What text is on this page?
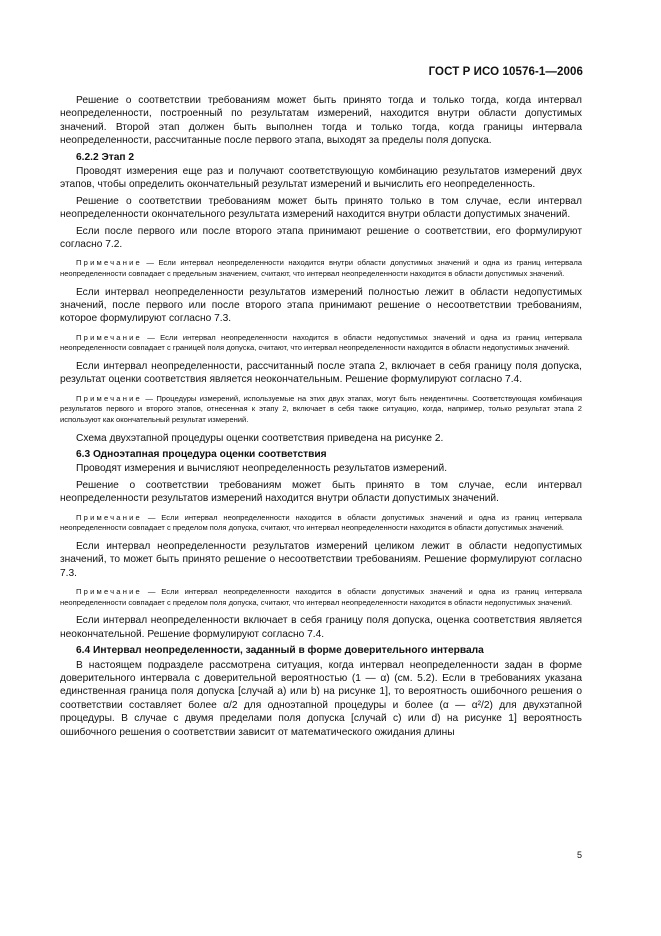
ГОСТ Р ИСО 10576-1—2006

Решение о соответствии требованиям может быть принято тогда и только тогда, когда интервал неопределенности, построенный по результатам измерений, находится внутри области допустимых значений. Второй этап должен быть выполнен тогда и только тогда, когда границы интервала неопределенности, рассчитанные после первого этапа, выходят за пределы поля допуска.

6.2.2 Этап 2

Проводят измерения еще раз и получают соответствующую комбинацию результатов измерений двух этапов, чтобы определить окончательный результат измерений и вычислить его неопределенность.

Решение о соответствии требованиям может быть принято только в том случае, если интервал неопределенности окончательного результата измерений находится внутри области допустимых значений.

Если после первого или после второго этапа принимают решение о соответствии, его формулируют согласно 7.2.

Примечание — Если интервал неопределенности находится внутри области допустимых значений и одна из границ интервала неопределенности совпадает с предельным значением, считают, что интервал неопределенности находится в области допустимых значений.

Если интервал неопределенности результатов измерений полностью лежит в области недопустимых значений, после первого или после второго этапа принимают решение о несоответствии требованиям, которое формулируют согласно 7.3.

Примечание — Если интервал неопределенности находится в области недопустимых значений и одна из границ интервала неопределенности совпадает с границей поля допуска, считают, что интервал неопределенности находится в области недопустимых значений.

Если интервал неопределенности, рассчитанный после этапа 2, включает в себя границу поля допуска, результат оценки соответствия является неокончательным. Решение формулируют согласно 7.4.

Примечание — Процедуры измерений, используемые на этих двух этапах, могут быть неидентичны. Соответствующая комбинация результатов первого и второго этапов, отнесенная к этапу 2, включает в себя также ситуацию, когда, например, только результат этапа 2 используют как окончательный результат измерений.

Схема двухэтапной процедуры оценки соответствия приведена на рисунке 2.

6.3 Одноэтапная процедура оценки соответствия

Проводят измерения и вычисляют неопределенность результатов измерений.

Решение о соответствии требованиям может быть принято в том случае, если интервал неопределенности результатов измерений находится внутри области допустимых значений.

Примечание — Если интервал неопределенности находится в области допустимых значений и одна из границ интервала неопределенности совпадает с пределом поля допуска, считают, что интервал неопределенности находится в области допустимых значений.

Если интервал неопределенности результатов измерений целиком лежит в области недопустимых значений, то может быть принято решение о несоответствии требованиям. Решение формулируют согласно 7.3.

Примечание — Если интервал неопределенности находится в области допустимых значений и одна из границ интервала неопределенности совпадает с пределом поля допуска, считают, что интервал неопределенности находится в области недопустимых значений.

Если интервал неопределенности включает в себя границу поля допуска, оценка соответствия является неокончательной. Решение формулируют согласно 7.4.

6.4 Интервал неопределенности, заданный в форме доверительного интервала

В настоящем подразделе рассмотрена ситуация, когда интервал неопределенности задан в форме доверительного интервала с доверительной вероятностью (1 — α) (см. 5.2). Если в требованиях указана единственная граница поля допуска [случай a) или b) на рисунке 1], то вероятность ошибочного решения о соответствии составляет более α/2 для одноэтапной процедуры и более (α — α²/2) для двухэтапной процедуры. В случае с двумя пределами поля допуска [случай c) или d) на рисунке 1] вероятность ошибочного решения о соответствии зависит от математического ожидания длины

5
